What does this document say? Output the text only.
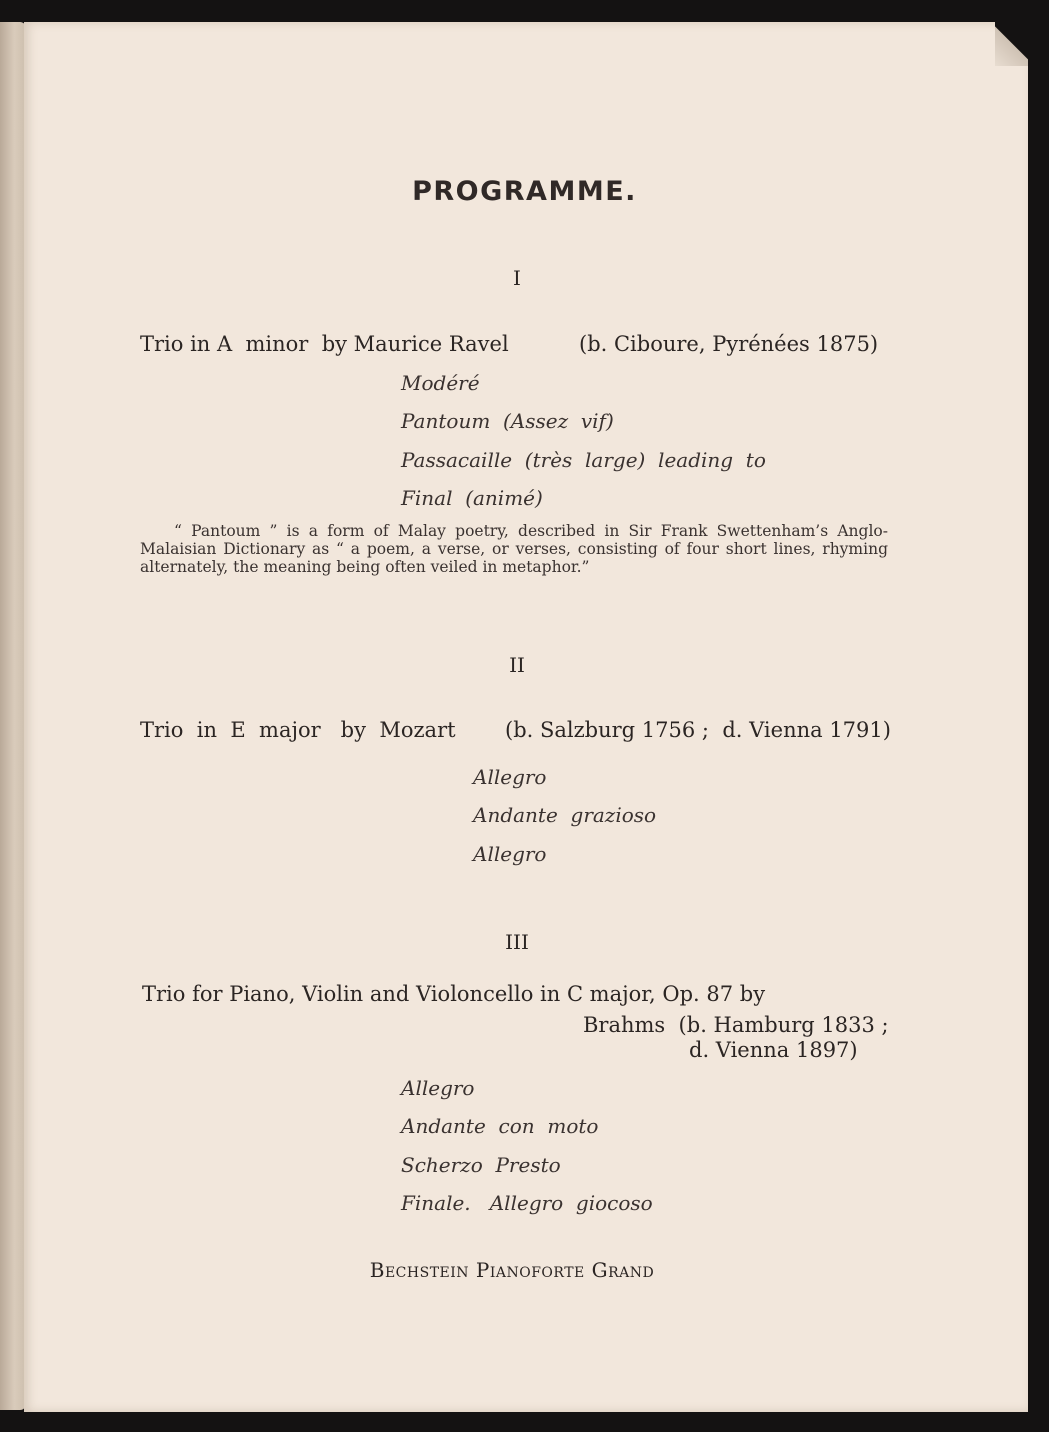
PROGRAMME.
I
Trio in A  minor  by Maurice Ravel	(b. Ciboure, Pyrénées 1875)
Modéré
Pantoum  (Assez  vif)
Passacaille  (très  large)  leading  to
Final  (animé)

“ Pantoum ” is a form of Malay poetry, described in Sir Frank Swettenham’s Anglo-Malaisian Dictionary as “ a poem, a verse, or verses, consisting of four short lines, rhyming alternately, the meaning being often veiled in metaphor.”

II
Trio  in  E  major   by  Mozart (b. Salzburg 1756 ;  d. Vienna 1791)
Allegro
Andante  grazioso
Allegro
III
Trio for Piano, Violin and Violoncello in C major, Op. 87 by
Brahms  (b. Hamburg 1833 ;
d. Vienna 1897)
Allegro
Andante  con  moto
Scherzo  Presto
Finale.   Allegro  giocoso
Bechstein Pianoforte Grand
